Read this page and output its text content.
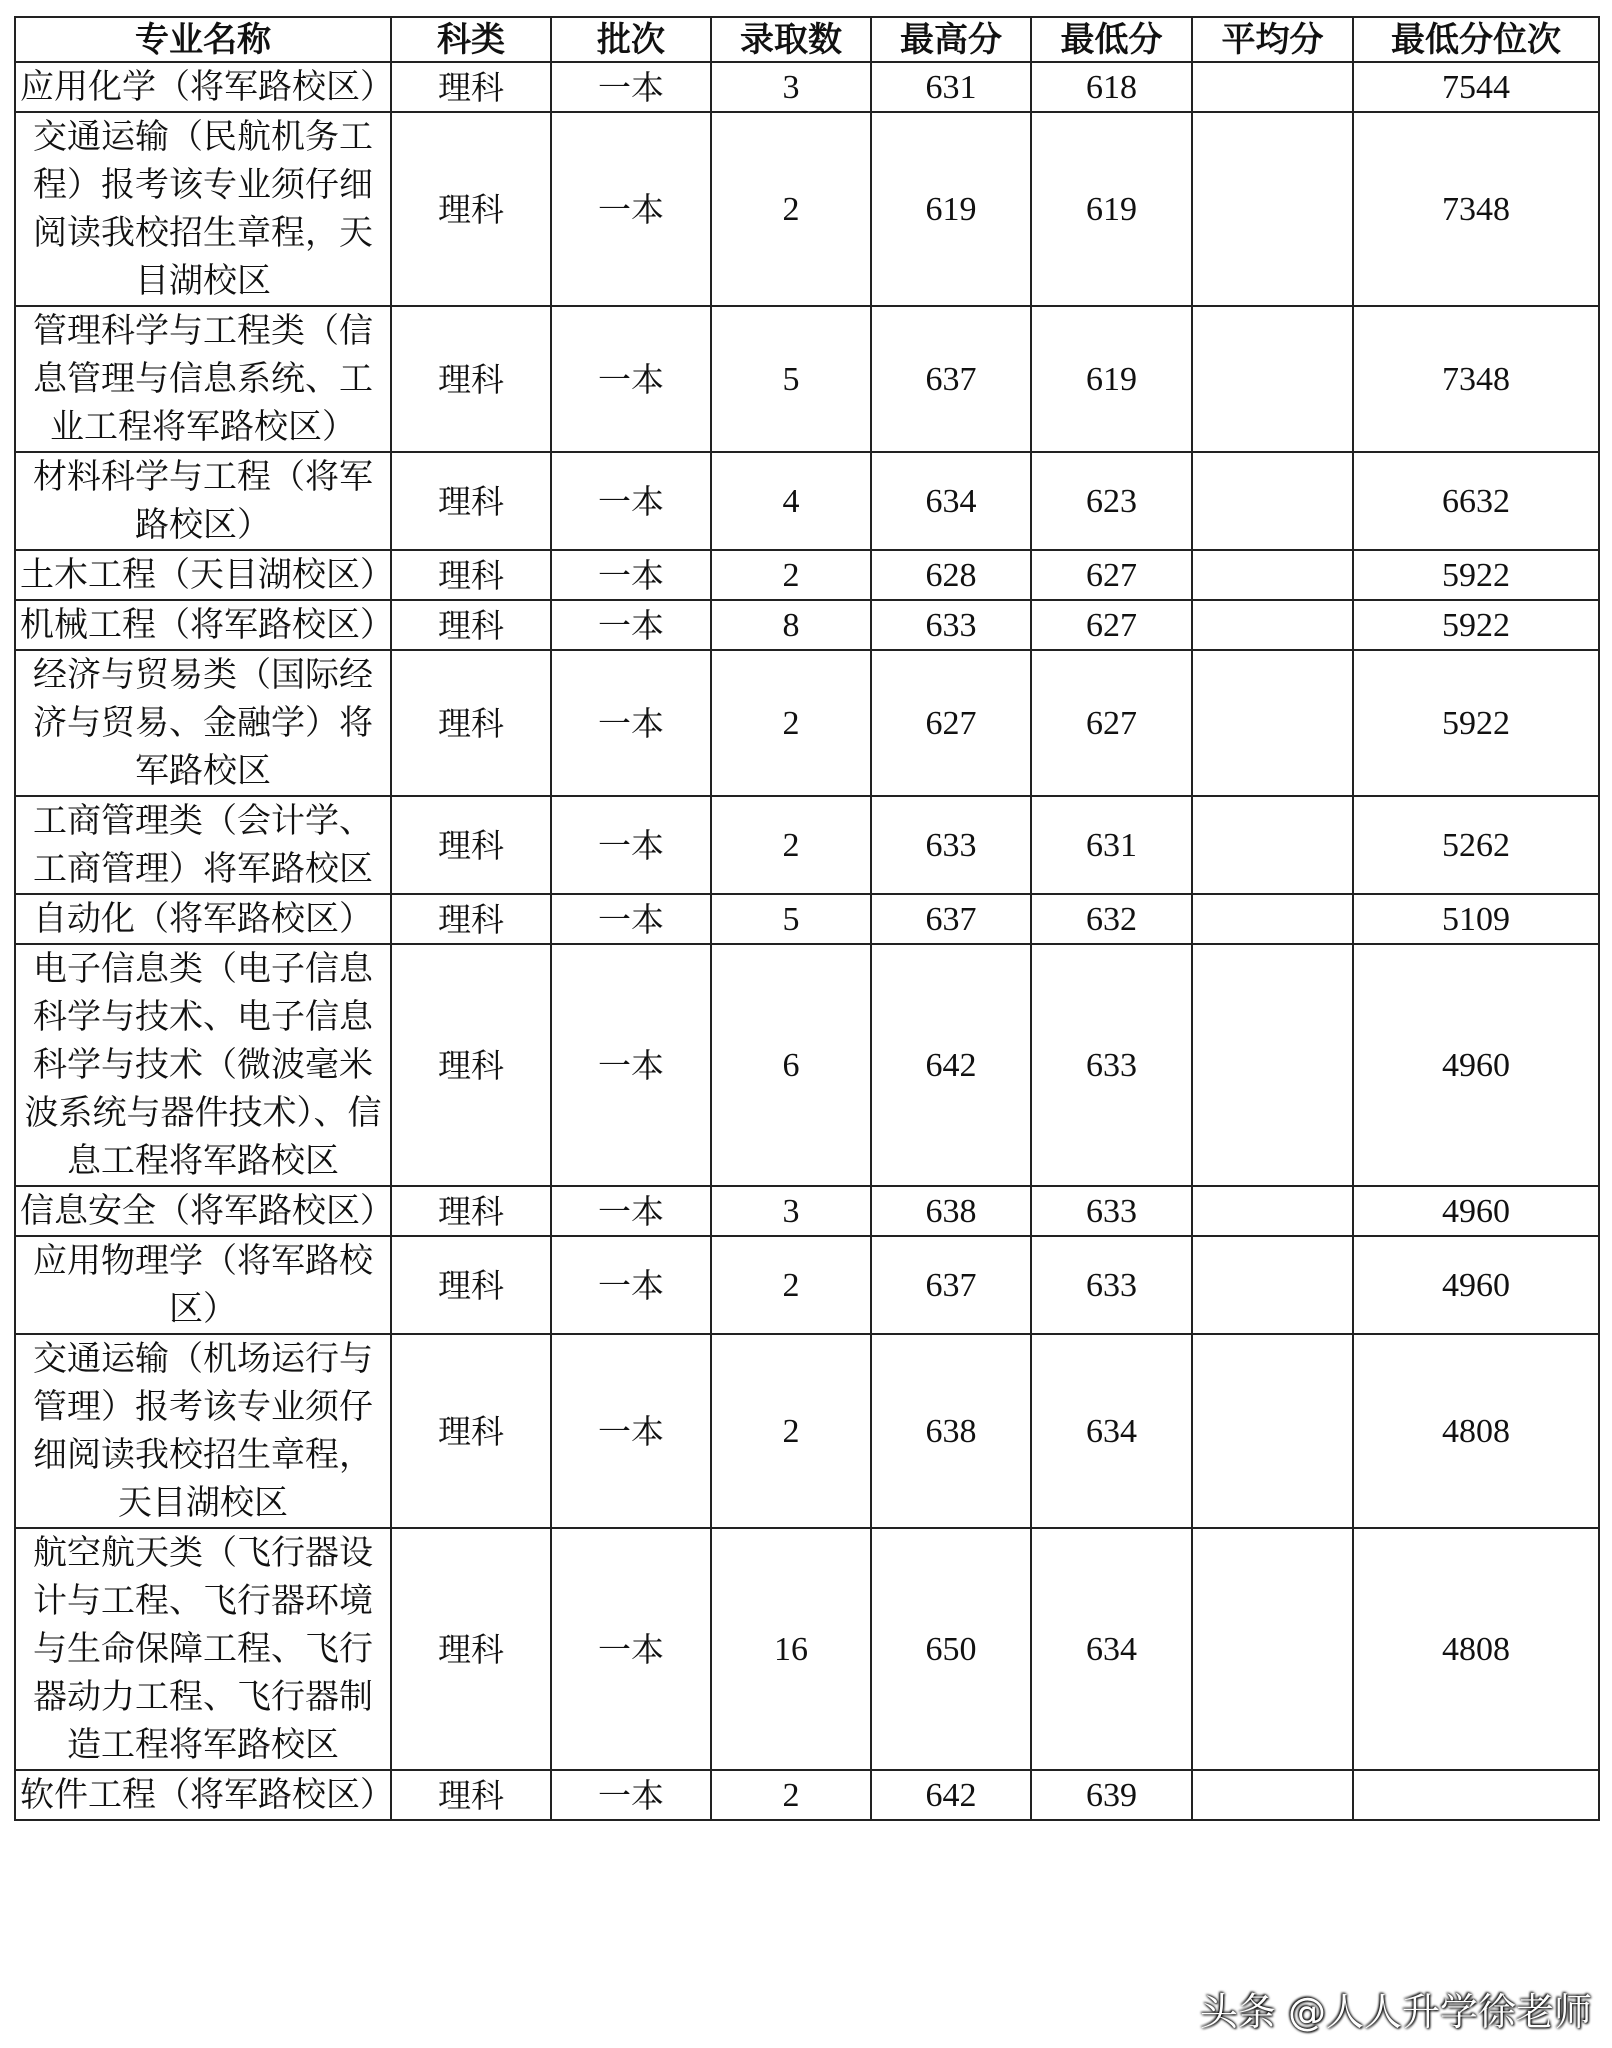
专业名称	科类	批次	录取数	最高分	最低分	平均分	最低分位次
应用化学（将军路校区）	理科	一本	3	631	618		7544
交通运输（民航机务工程）报考该专业须仔细阅读我校招生章程，天目湖校区	理科	一本	2	619	619		7348
管理科学与工程类（信息管理与信息系统、工业工程将军路校区）	理科	一本	5	637	619		7348
材料科学与工程（将军路校区）	理科	一本	4	634	623		6632
土木工程（天目湖校区）	理科	一本	2	628	627		5922
机械工程（将军路校区）	理科	一本	8	633	627		5922
经济与贸易类（国际经济与贸易、金融学）将军路校区	理科	一本	2	627	627		5922
工商管理类（会计学、工商管理）将军路校区	理科	一本	2	633	631		5262
自动化（将军路校区）	理科	一本	5	637	632		5109
电子信息类（电子信息科学与技术、电子信息科学与技术（微波毫米波系统与器件技术）、信息工程将军路校区	理科	一本	6	642	633		4960
信息安全（将军路校区）	理科	一本	3	638	633		4960
应用物理学（将军路校区）	理科	一本	2	637	633		4960
交通运输（机场运行与管理）报考该专业须仔细阅读我校招生章程，天目湖校区	理科	一本	2	638	634		4808
航空航天类（飞行器设计与工程、飞行器环境与生命保障工程、飞行器动力工程、飞行器制造工程将军路校区	理科	一本	16	650	634		4808
软件工程（将军路校区）	理科	一本	2	642	639		
头条 @人人升学徐老师
